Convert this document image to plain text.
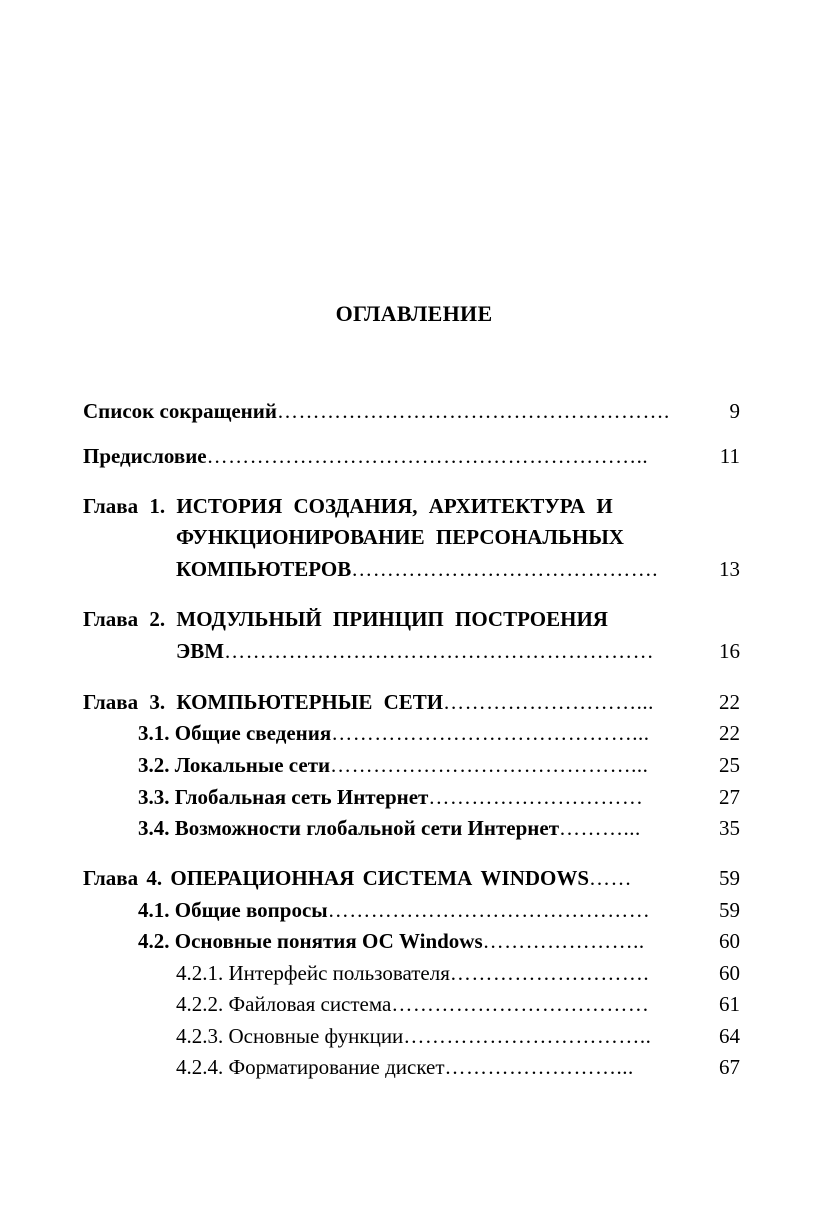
ОГЛАВЛЕНИЕ
Список сокращений……………………………………………….	9
Предисловие……………………………………………………..	11
Глава 1. ИСТОРИЯ СОЗДАНИЯ, АРХИТЕКТУРА И
ФУНКЦИОНИРОВАНИЕ ПЕРСОНАЛЬНЫХ
КОМПЬЮТЕРОВ…………………………………….	13
Глава 2. МОДУЛЬНЫЙ ПРИНЦИП ПОСТРОЕНИЯ
ЭВМ……………………………………………………	16
Глава 3. КОМПЬЮТЕРНЫЕ СЕТИ………………………...	22
3.1. Общие сведения……………………………………...	22
3.2. Локальные сети……………………………………...	25
3.3. Глобальная сеть Интернет…………………………	27
3.4. Возможности глобальной сети Интернет………...	35
Глава 4. ОПЕРАЦИОННАЯ СИСТЕМА WINDOWS……	59
4.1. Общие вопросы………………………………………	59
4.2. Основные понятия ОС Windows…………………..	60
4.2.1. Интерфейс пользователя……………………….	60
4.2.2. Файловая система………………………………	61
4.2.3. Основные функции……………………………..	64
4.2.4. Форматирование дискет……………………...	67
